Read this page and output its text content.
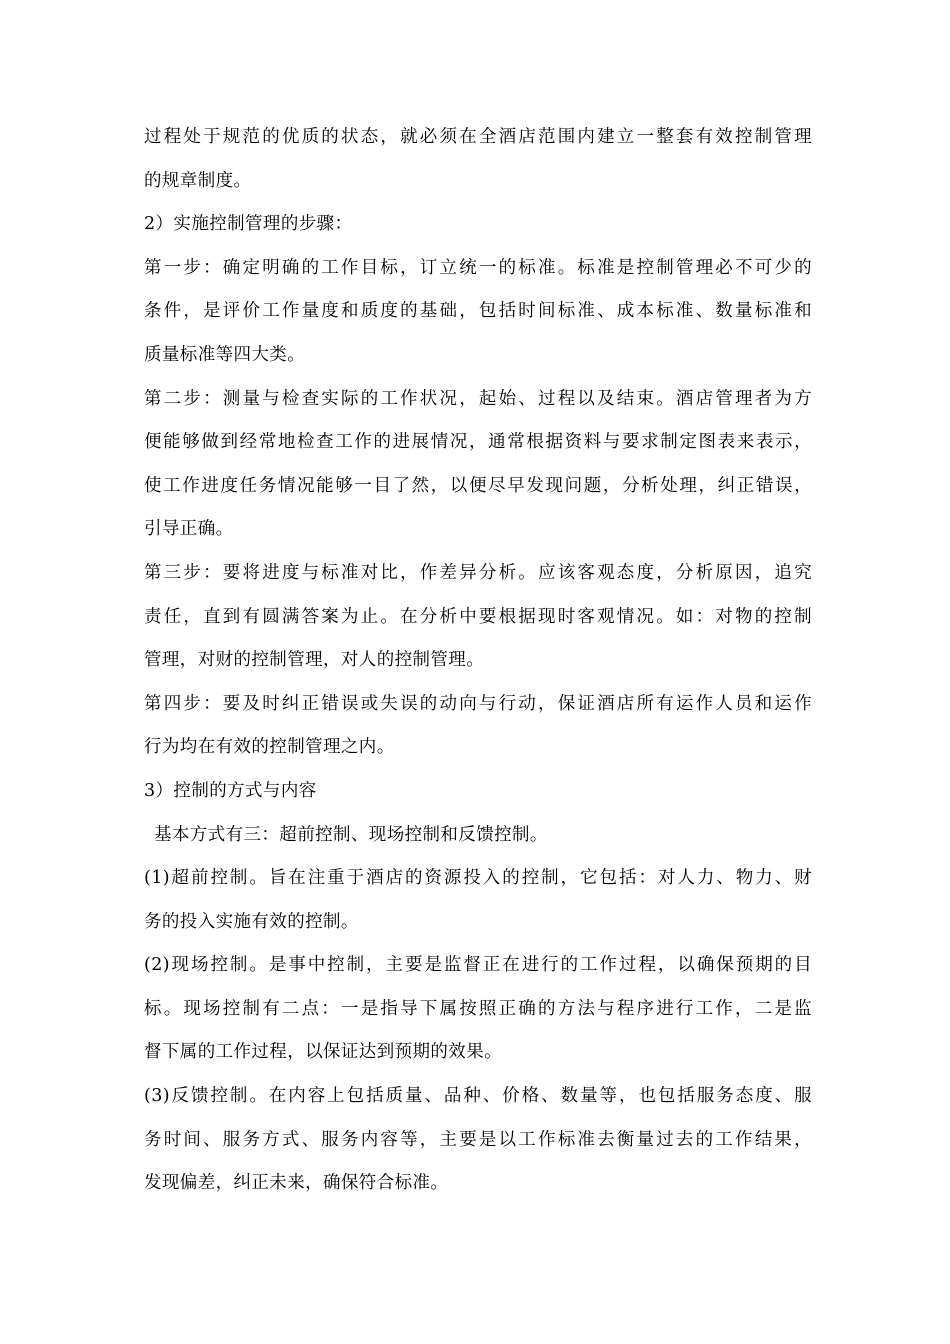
过程处于规范的优质的状态，就必须在全酒店范围内建立一整套有效控制管理
的规章制度。
2）实施控制管理的步骤：
第一步：确定明确的工作目标，订立统一的标准。标准是控制管理必不可少的
条件，是评价工作量度和质度的基础，包括时间标准、成本标准、数量标准和
质量标准等四大类。
第二步：测量与检查实际的工作状况，起始、过程以及结束。酒店管理者为方
便能够做到经常地检查工作的进展情况，通常根据资料与要求制定图表来表示，
使工作进度任务情况能够一目了然，以便尽早发现问题，分析处理，纠正错误，
引导正确。
第三步：要将进度与标准对比，作差异分析。应该客观态度，分析原因，追究
责任，直到有圆满答案为止。在分析中要根据现时客观情况。如：对物的控制
管理，对财的控制管理，对人的控制管理。
第四步：要及时纠正错误或失误的动向与行动，保证酒店所有运作人员和运作
行为均在有效的控制管理之内。
3）控制的方式与内容
基本方式有三：超前控制、现场控制和反馈控制。
(1)超前控制。旨在注重于酒店的资源投入的控制，它包括：对人力、物力、财
务的投入实施有效的控制。
(2)现场控制。是事中控制，主要是监督正在进行的工作过程，以确保预期的目
标。现场控制有二点：一是指导下属按照正确的方法与程序进行工作，二是监
督下属的工作过程，以保证达到预期的效果。
(3)反馈控制。在内容上包括质量、品种、价格、数量等，也包括服务态度、服
务时间、服务方式、服务内容等，主要是以工作标准去衡量过去的工作结果，
发现偏差，纠正未来，确保符合标准。
